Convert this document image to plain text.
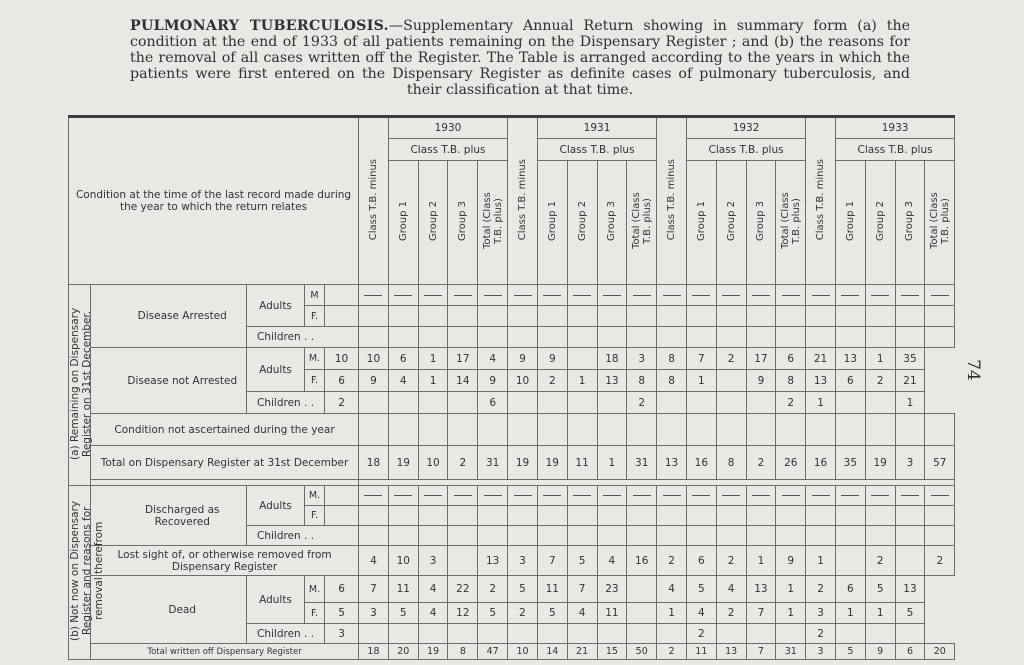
PULMONARY TUBERCULOSIS.—Supplementary Annual Return showing in summary form (a) the condition at the end of 1933 of all patients remaining on the Dispensary Register ; and (b) the reasons for the removal of all cases written off the Register. The Table is arranged according to the years in which the patients were first entered on the Dispensary Register as definite cases of pulmonary tuberculosis, and their classification at that time.
74
Condition at the time of the last record made during the year to which the return relates						Class T.B. minus	1930				Class T.B. minus	1931				Class T.B. minus	1932				Class T.B. minus	1933			
							Class T.B. plus					Class T.B. plus					Class T.B. plus					Class T.B. plus			
							Group 1	Group 2	Group 3	Total (Class T.B. plus)		Group 1	Group 2	Group 3	Total (Class T.B. plus)		Group 1	Group 2	Group 3	Total (Class T.B. plus)		Group 1	Group 2	Group 3	Total (Class T.B. plus)
(a) Remaining on Dispensary Register on 31st December.		Disease Arrested	Adults	M																					
				F.																					
			Children . .																						
		Disease not Arrested	Adults	M.	10	10	6	1	17	4	9	9		18	3	8	7	2	17	6	21	13	1	35	
				F.	6	9	4	1	14	9	10	2	1	13	8	8	1		9	8	13	6	2	21	
			Children . .		2					6					2					2	1			1	
	Condition not ascertained during the year																								
	Total on Dispensary Register at 31st December					18	19	10	2	31	19	19	11	1	31	13	16	8	2	26	16	35	19	3	57

(b) Not now on Dispensary Register and reasons for removal therefrom		Discharged as Recovered	Adults	M.																					
				F.																					
			Children . .																						
	Lost sight of, or otherwise removed from Dispensary Register					4	10	3		13	3	7	5	4	16	2	6	2	1	9	1		2		2
		Dead	Adults	M.	6	7	11	4	22	2	5	11	7	23		4	5	4	13	1	2	6	5	13	
				F.	5	3	5	4	12	5	2	5	4	11		1	4	2	7	1	3	1	1	5	
			Children . .		3												2				2				
	Total written off Dispensary Register					18	20	19	8	47	10	14	21	15	50	2	11	13	7	31	3	5	9	6	20
